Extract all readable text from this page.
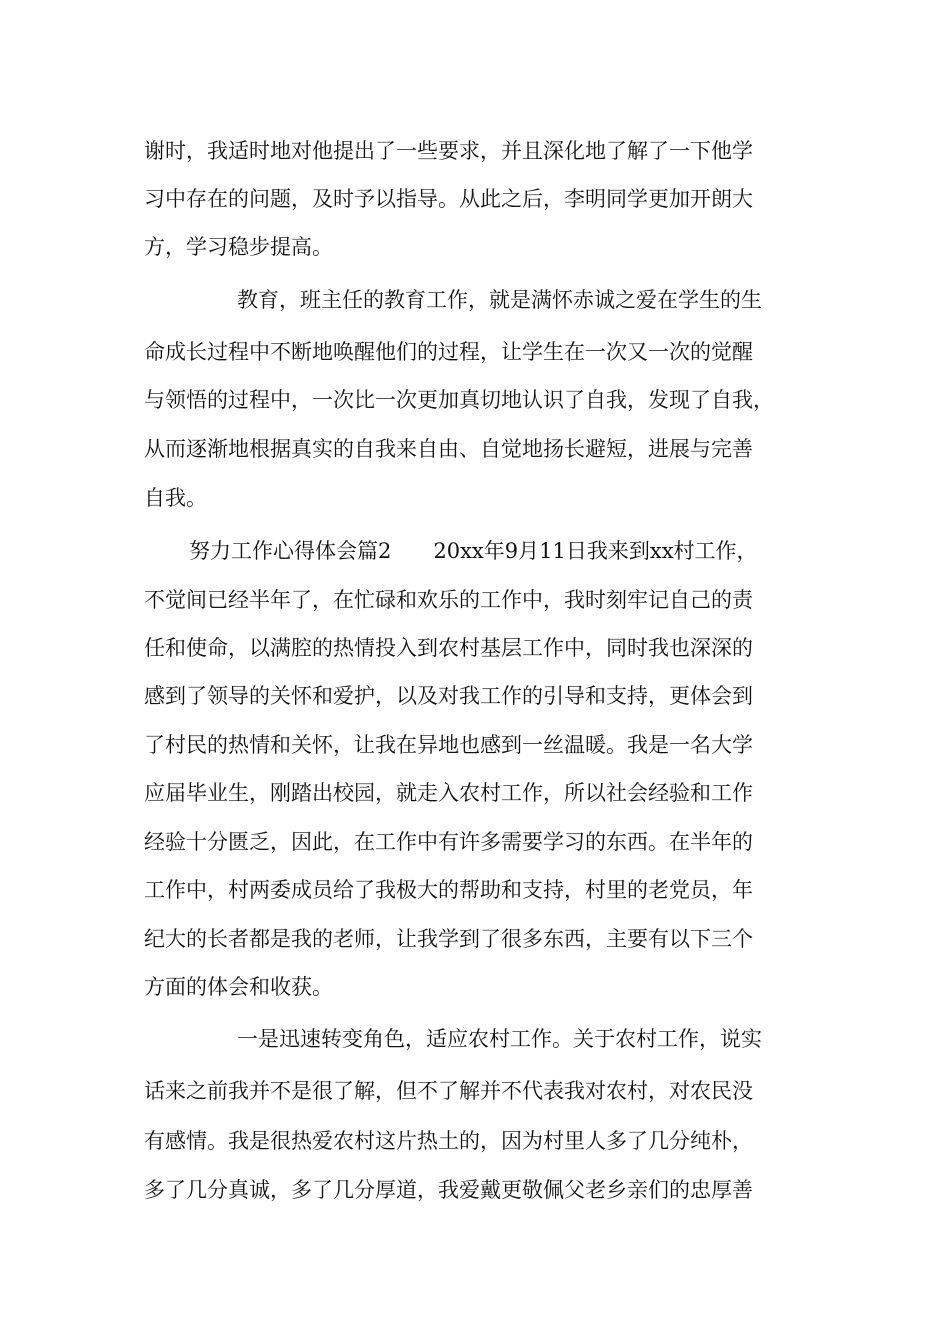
谢时，我适时地对他提出了一些要求，并且深化地了解了一下他学

习中存在的问题，及时予以指导。从此之后，李明同学更加开朗大

方，学习稳步提高。

教育，班主任的教育工作，就是满怀赤诚之爱在学生的生

命成长过程中不断地唤醒他们的过程，让学生在一次又一次的觉醒

与领悟的过程中，一次比一次更加真切地认识了自我，发现了自我，

从而逐渐地根据真实的自我来自由、自觉地扬长避短，进展与完善

自我。

努力工作心得体会篇2　　20xx年9月11日我来到xx村工作，

不觉间已经半年了，在忙碌和欢乐的工作中，我时刻牢记自己的责

任和使命，以满腔的热情投入到农村基层工作中，同时我也深深的

感到了领导的关怀和爱护，以及对我工作的引导和支持，更体会到

了村民的热情和关怀，让我在异地也感到一丝温暖。我是一名大学

应届毕业生，刚踏出校园，就走入农村工作，所以社会经验和工作

经验十分匮乏，因此，在工作中有许多需要学习的东西。在半年的

工作中，村两委成员给了我极大的帮助和支持，村里的老党员，年

纪大的长者都是我的老师，让我学到了很多东西，主要有以下三个

方面的体会和收获。

一是迅速转变角色，适应农村工作。关于农村工作，说实

话来之前我并不是很了解，但不了解并不代表我对农村，对农民没

有感情。我是很热爱农村这片热土的，因为村里人多了几分纯朴，

多了几分真诚，多了几分厚道，我爱戴更敬佩父老乡亲们的忠厚善
